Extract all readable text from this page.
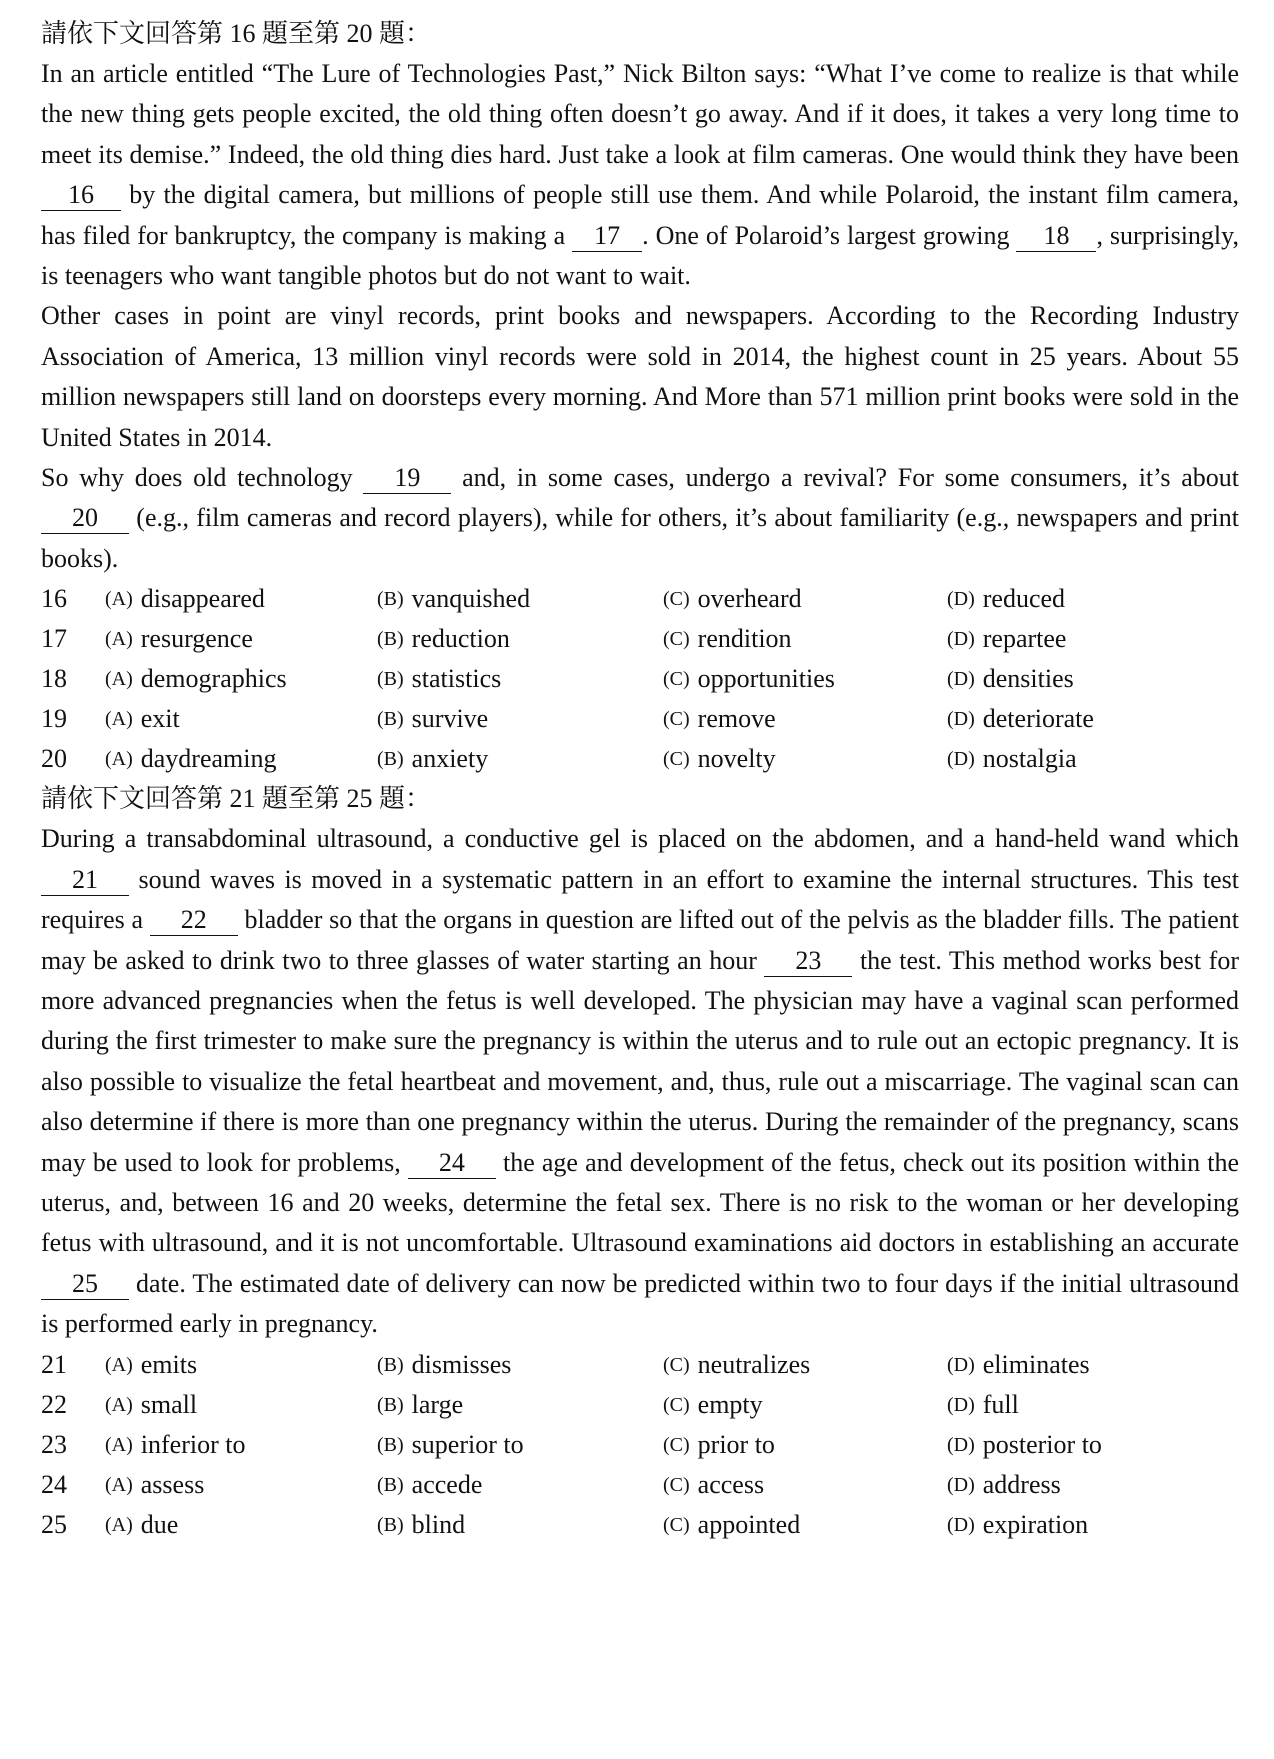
請依下文回答第 16 題至第 20 題：
In an article entitled “The Lure of Technologies Past,” Nick Bilton says: “What I’ve come to realize is that while the new thing gets people excited, the old thing often doesn’t go away. And if it does, it takes a very long time to meet its demise.” Indeed, the old thing dies hard. Just take a look at film cameras. One would think they have been 16 by the digital camera, but millions of people still use them. And while Polaroid, the instant film camera, has filed for bankruptcy, the company is making a 17 . One of Polaroid’s largest growing 18 , surprisingly, is teenagers who want tangible photos but do not want to wait.
Other cases in point are vinyl records, print books and newspapers. According to the Recording Industry Association of America, 13 million vinyl records were sold in 2014, the highest count in 25 years. About 55 million newspapers still land on doorsteps every morning. And More than 571 million print books were sold in the United States in 2014.
So why does old technology 19 and, in some cases, undergo a revival? For some consumers, it’s about 20 (e.g., film cameras and record players), while for others, it’s about familiarity (e.g., newspapers and print books).
16	(A) disappeared	(B) vanquished	(C) overheard	(D) reduced
17	(A) resurgence	(B) reduction	(C) rendition	(D) repartee
18	(A) demographics	(B) statistics	(C) opportunities	(D) densities
19	(A) exit	(B) survive	(C) remove	(D) deteriorate
20	(A) daydreaming	(B) anxiety	(C) novelty	(D) nostalgia
請依下文回答第 21 題至第 25 題：
During a transabdominal ultrasound, a conductive gel is placed on the abdomen, and a hand-held wand which 21 sound waves is moved in a systematic pattern in an effort to examine the internal structures. This test requires a 22 bladder so that the organs in question are lifted out of the pelvis as the bladder fills. The patient may be asked to drink two to three glasses of water starting an hour 23 the test. This method works best for more advanced pregnancies when the fetus is well developed. The physician may have a vaginal scan performed during the first trimester to make sure the pregnancy is within the uterus and to rule out an ectopic pregnancy. It is also possible to visualize the fetal heartbeat and movement, and, thus, rule out a miscarriage. The vaginal scan can also determine if there is more than one pregnancy within the uterus. During the remainder of the pregnancy, scans may be used to look for problems, 24 the age and development of the fetus, check out its position within the uterus, and, between 16 and 20 weeks, determine the fetal sex. There is no risk to the woman or her developing fetus with ultrasound, and it is not uncomfortable. Ultrasound examinations aid doctors in establishing an accurate 25 date. The estimated date of delivery can now be predicted within two to four days if the initial ultrasound is performed early in pregnancy.
21	(A) emits	(B) dismisses	(C) neutralizes	(D) eliminates
22	(A) small	(B) large	(C) empty	(D) full
23	(A) inferior to	(B) superior to	(C) prior to	(D) posterior to
24	(A) assess	(B) accede	(C) access	(D) address
25	(A) due	(B) blind	(C) appointed	(D) expiration
